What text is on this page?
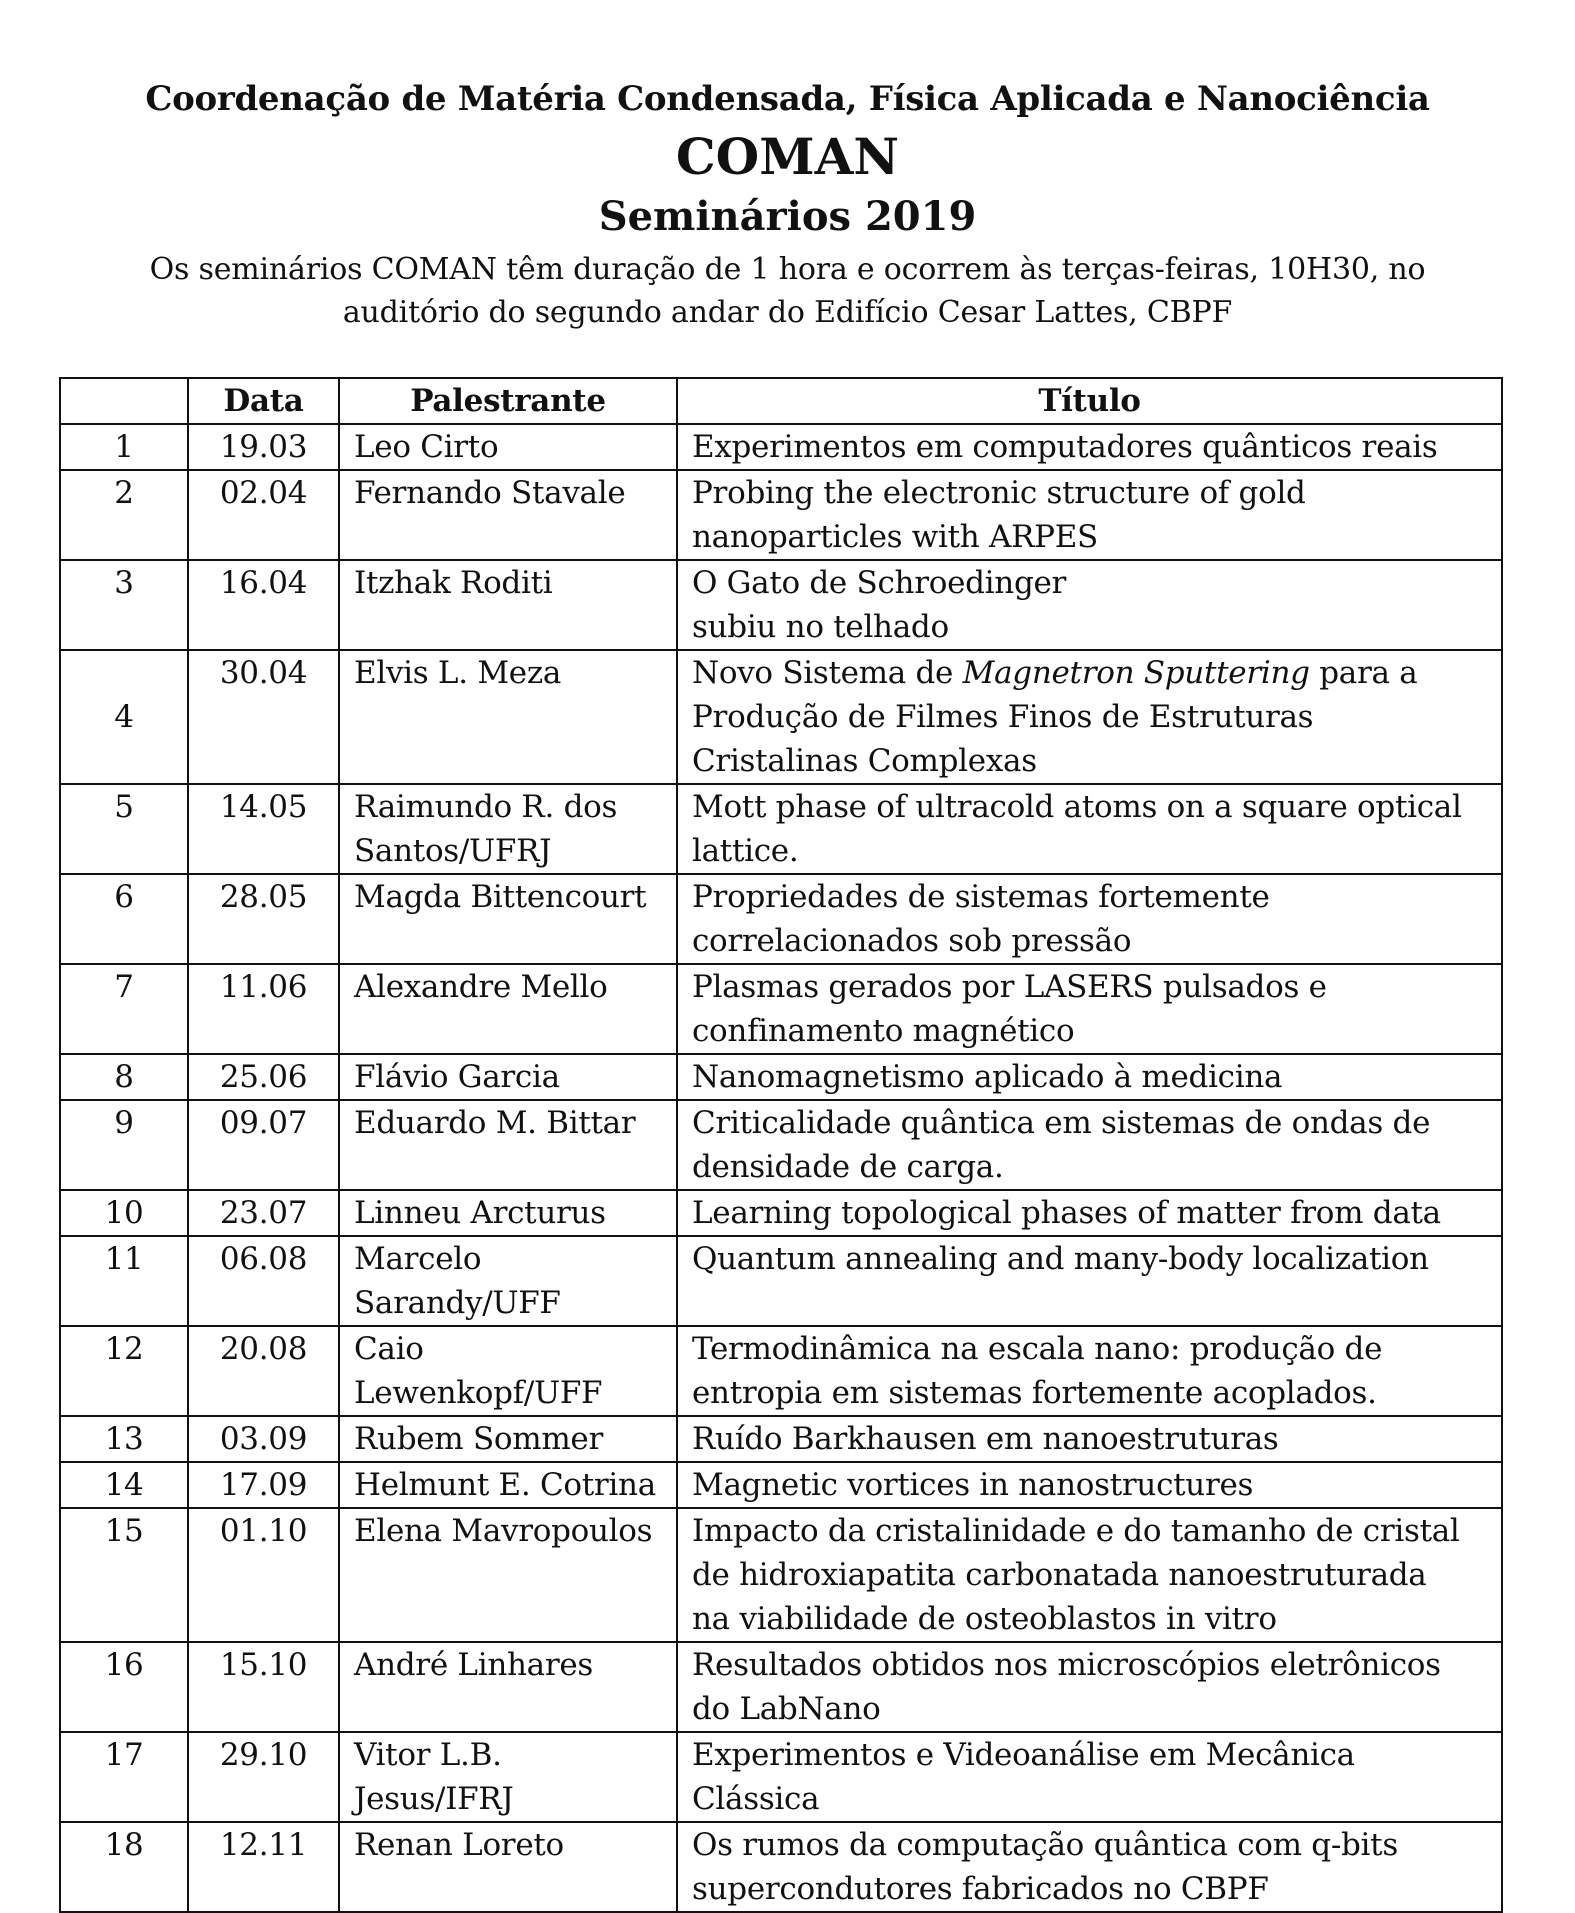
Coordenação de Matéria Condensada, Física Aplicada e Nanociência
COMAN
Seminários 2019
Os seminários COMAN têm duração de 1 hora e ocorrem às terças-feiras, 10H30, no
auditório do segundo andar do Edifício Cesar Lattes, CBPF
	Data	Palestrante	Título
1	19.03	Leo Cirto	Experimentos em computadores quânticos reais

2	02.04	Fernando Stavale	Probing the electronic structure of gold
nanoparticles with ARPES

3	16.04	Itzhak Roditi	O Gato de Schroedinger
subiu no telhado

4	30.04	Elvis L. Meza	Novo Sistema de Magnetron Sputtering para a
Produção de Filmes Finos de Estruturas
Cristalinas Complexas

5	14.05	Raimundo R. dos
Santos/UFRJ	Mott phase of ultracold atoms on a square optical
lattice.

6	28.05	Magda Bittencourt	Propriedades de sistemas fortemente
correlacionados sob pressão

7	11.06	Alexandre Mello	Plasmas gerados por LASERS pulsados e
confinamento magnético

8	25.06	Flávio Garcia	Nanomagnetismo aplicado à medicina

9	09.07	Eduardo M. Bittar	Criticalidade quântica em sistemas de ondas de
densidade de carga.

10	23.07	Linneu Arcturus	Learning topological phases of matter from data

11	06.08	Marcelo
Sarandy/UFF	Quantum annealing and many-body localization

12	20.08	Caio
Lewenkopf/UFF	Termodinâmica na escala nano: produção de
entropia em sistemas fortemente acoplados.

13	03.09	Rubem Sommer	Ruído Barkhausen em nanoestruturas

14	17.09	Helmunt E. Cotrina	Magnetic vortices in nanostructures

15	01.10	Elena Mavropoulos	Impacto da cristalinidade e do tamanho de cristal
de hidroxiapatita carbonatada nanoestruturada
na viabilidade de osteoblastos in vitro

16	15.10	André Linhares	Resultados obtidos nos microscópios eletrônicos
do LabNano

17	29.10	Vitor L.B.
Jesus/IFRJ	Experimentos e Videoanálise em Mecânica
Clássica

18	12.11	Renan Loreto	Os rumos da computação quântica com q-bits
supercondutores fabricados no CBPF
